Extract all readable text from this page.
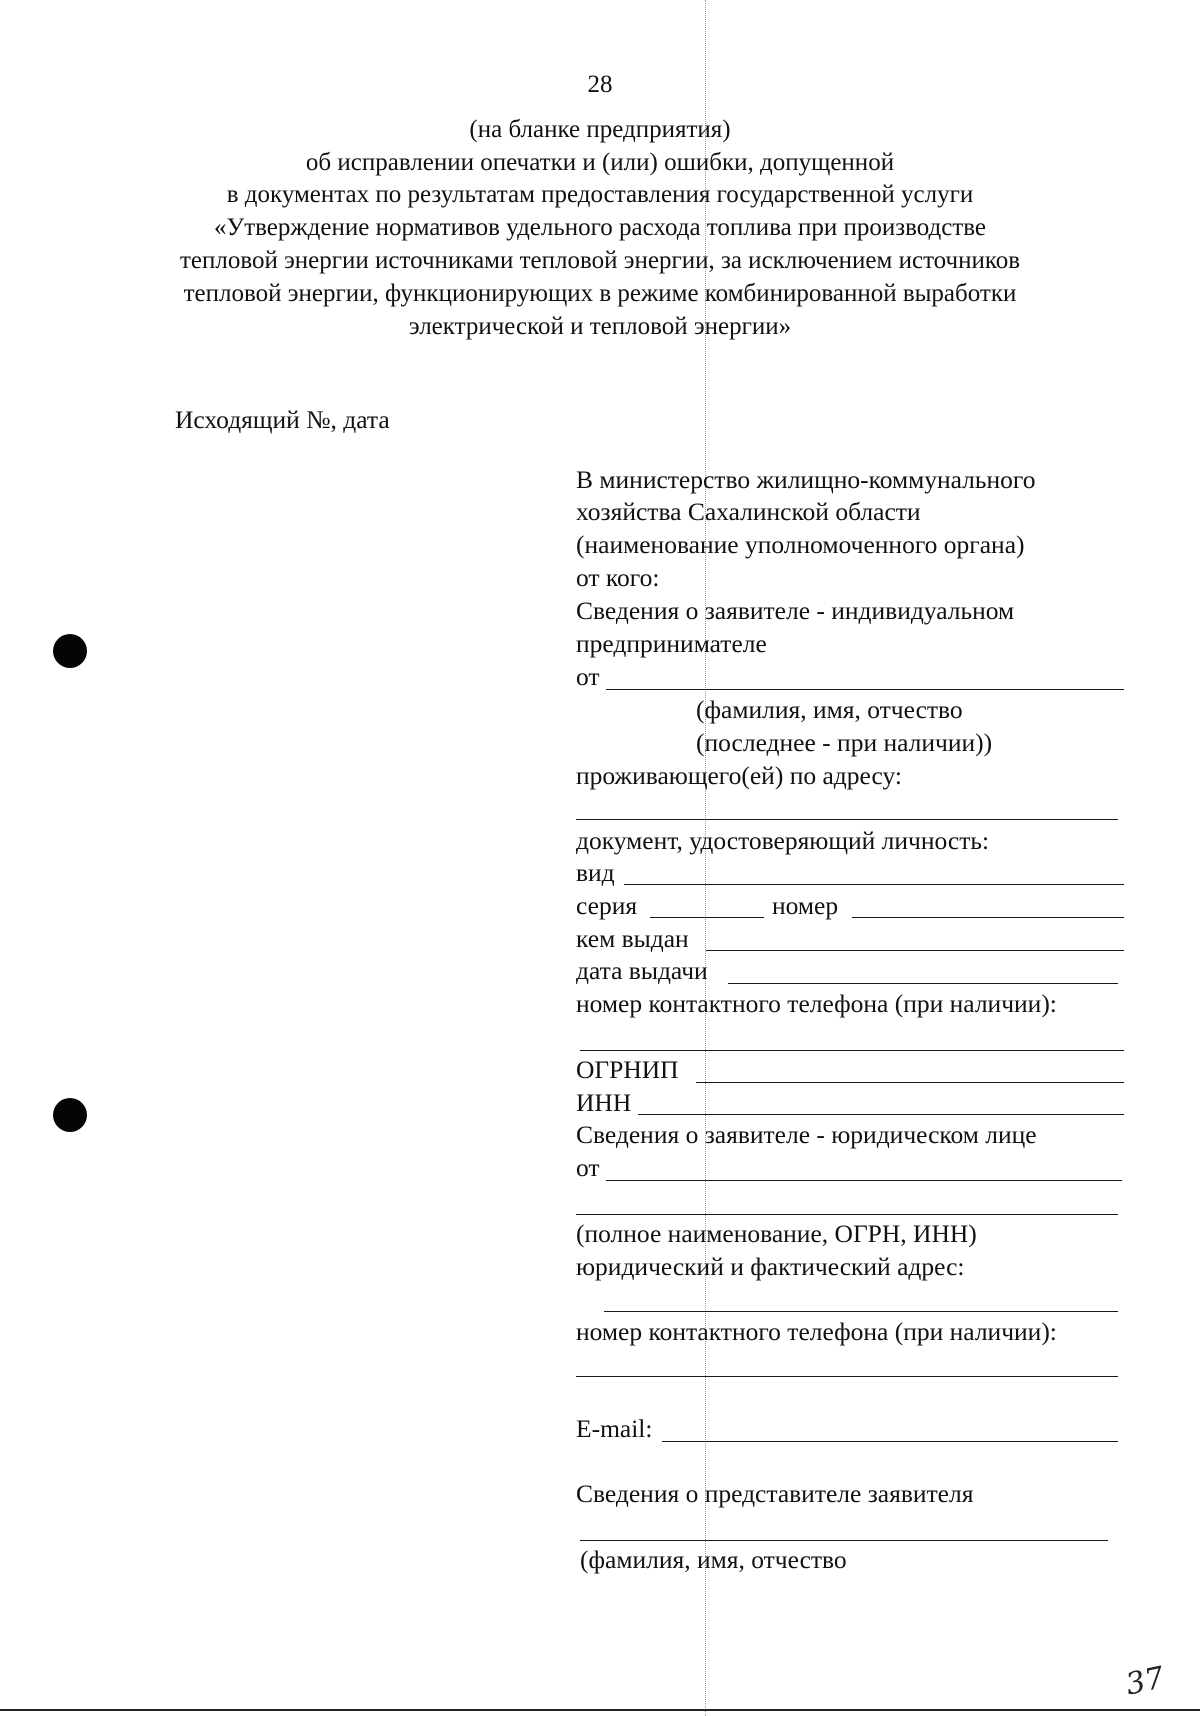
28
(на бланке предприятия)
об исправлении опечатки и (или) ошибки, допущенной
в документах по результатам предоставления государственной услуги
«Утверждение нормативов удельного расхода топлива при производстве
тепловой энергии источниками тепловой энергии, за исключением источников
тепловой энергии, функционирующих в режиме комбинированной выработки
электрической и тепловой энергии»
Исходящий №, дата
В министерство жилищно-коммунального
хозяйства Сахалинской области
(наименование уполномоченного органа)
от кого:
Сведения о заявителе - индивидуальном
предпринимателе
от
(фамилия, имя, отчество
(последнее - при наличии))
проживающего(ей) по адресу:
документ, удостоверяющий личность:
вид
серия	номер
кем выдан
дата выдачи
номер контактного телефона (при наличии):
ОГРНИП
ИНН
Сведения о заявителе - юридическом лице
от
(полное наименование, ОГРН, ИНН)
юридический и фактический адрес:
номер контактного телефона (при наличии):
E-mail:
Сведения о представителе заявителя
(фамилия, имя, отчество
37
